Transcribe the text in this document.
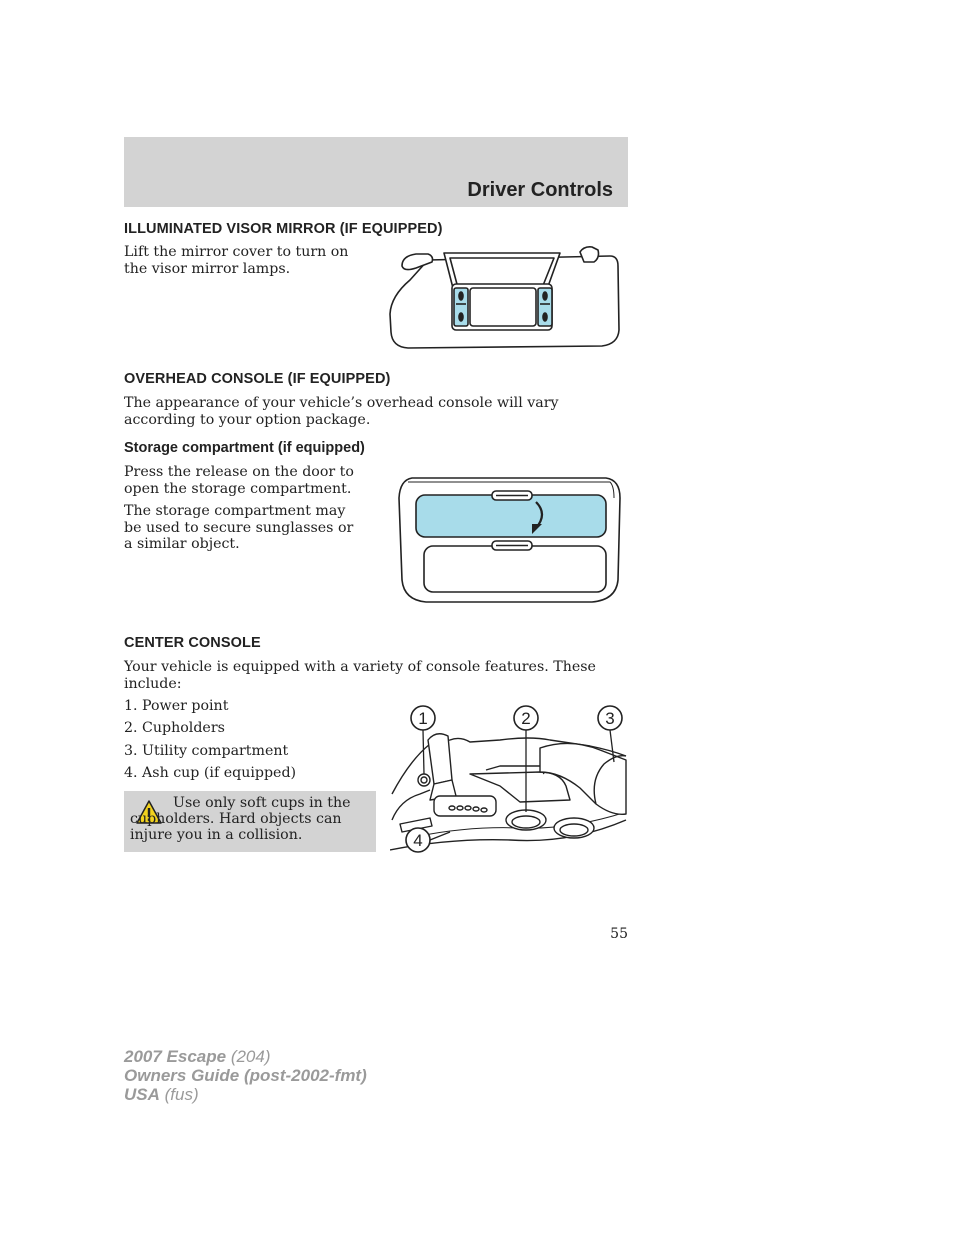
Driver Controls
ILLUMINATED VISOR MIRROR (IF EQUIPPED)
Lift the mirror cover to turn on the visor mirror lamps.
OVERHEAD CONSOLE (IF EQUIPPED)
The appearance of your vehicle’s overhead console will vary according to your option package.
Storage compartment (if equipped)
Press the release on the door to open the storage compartment.
The storage compartment may be used to secure sunglasses or a similar object.
CENTER CONSOLE
Your vehicle is equipped with a variety of console features. These include:
1. Power point
2. Cupholders
3. Utility compartment
4. Ash cup (if equipped)
Use only soft cups in the cupholders. Hard objects can injure you in a collision.
1	2	3
4
55
2007 Escape (204)
Owners Guide (post-2002-fmt)
USA (fus)
